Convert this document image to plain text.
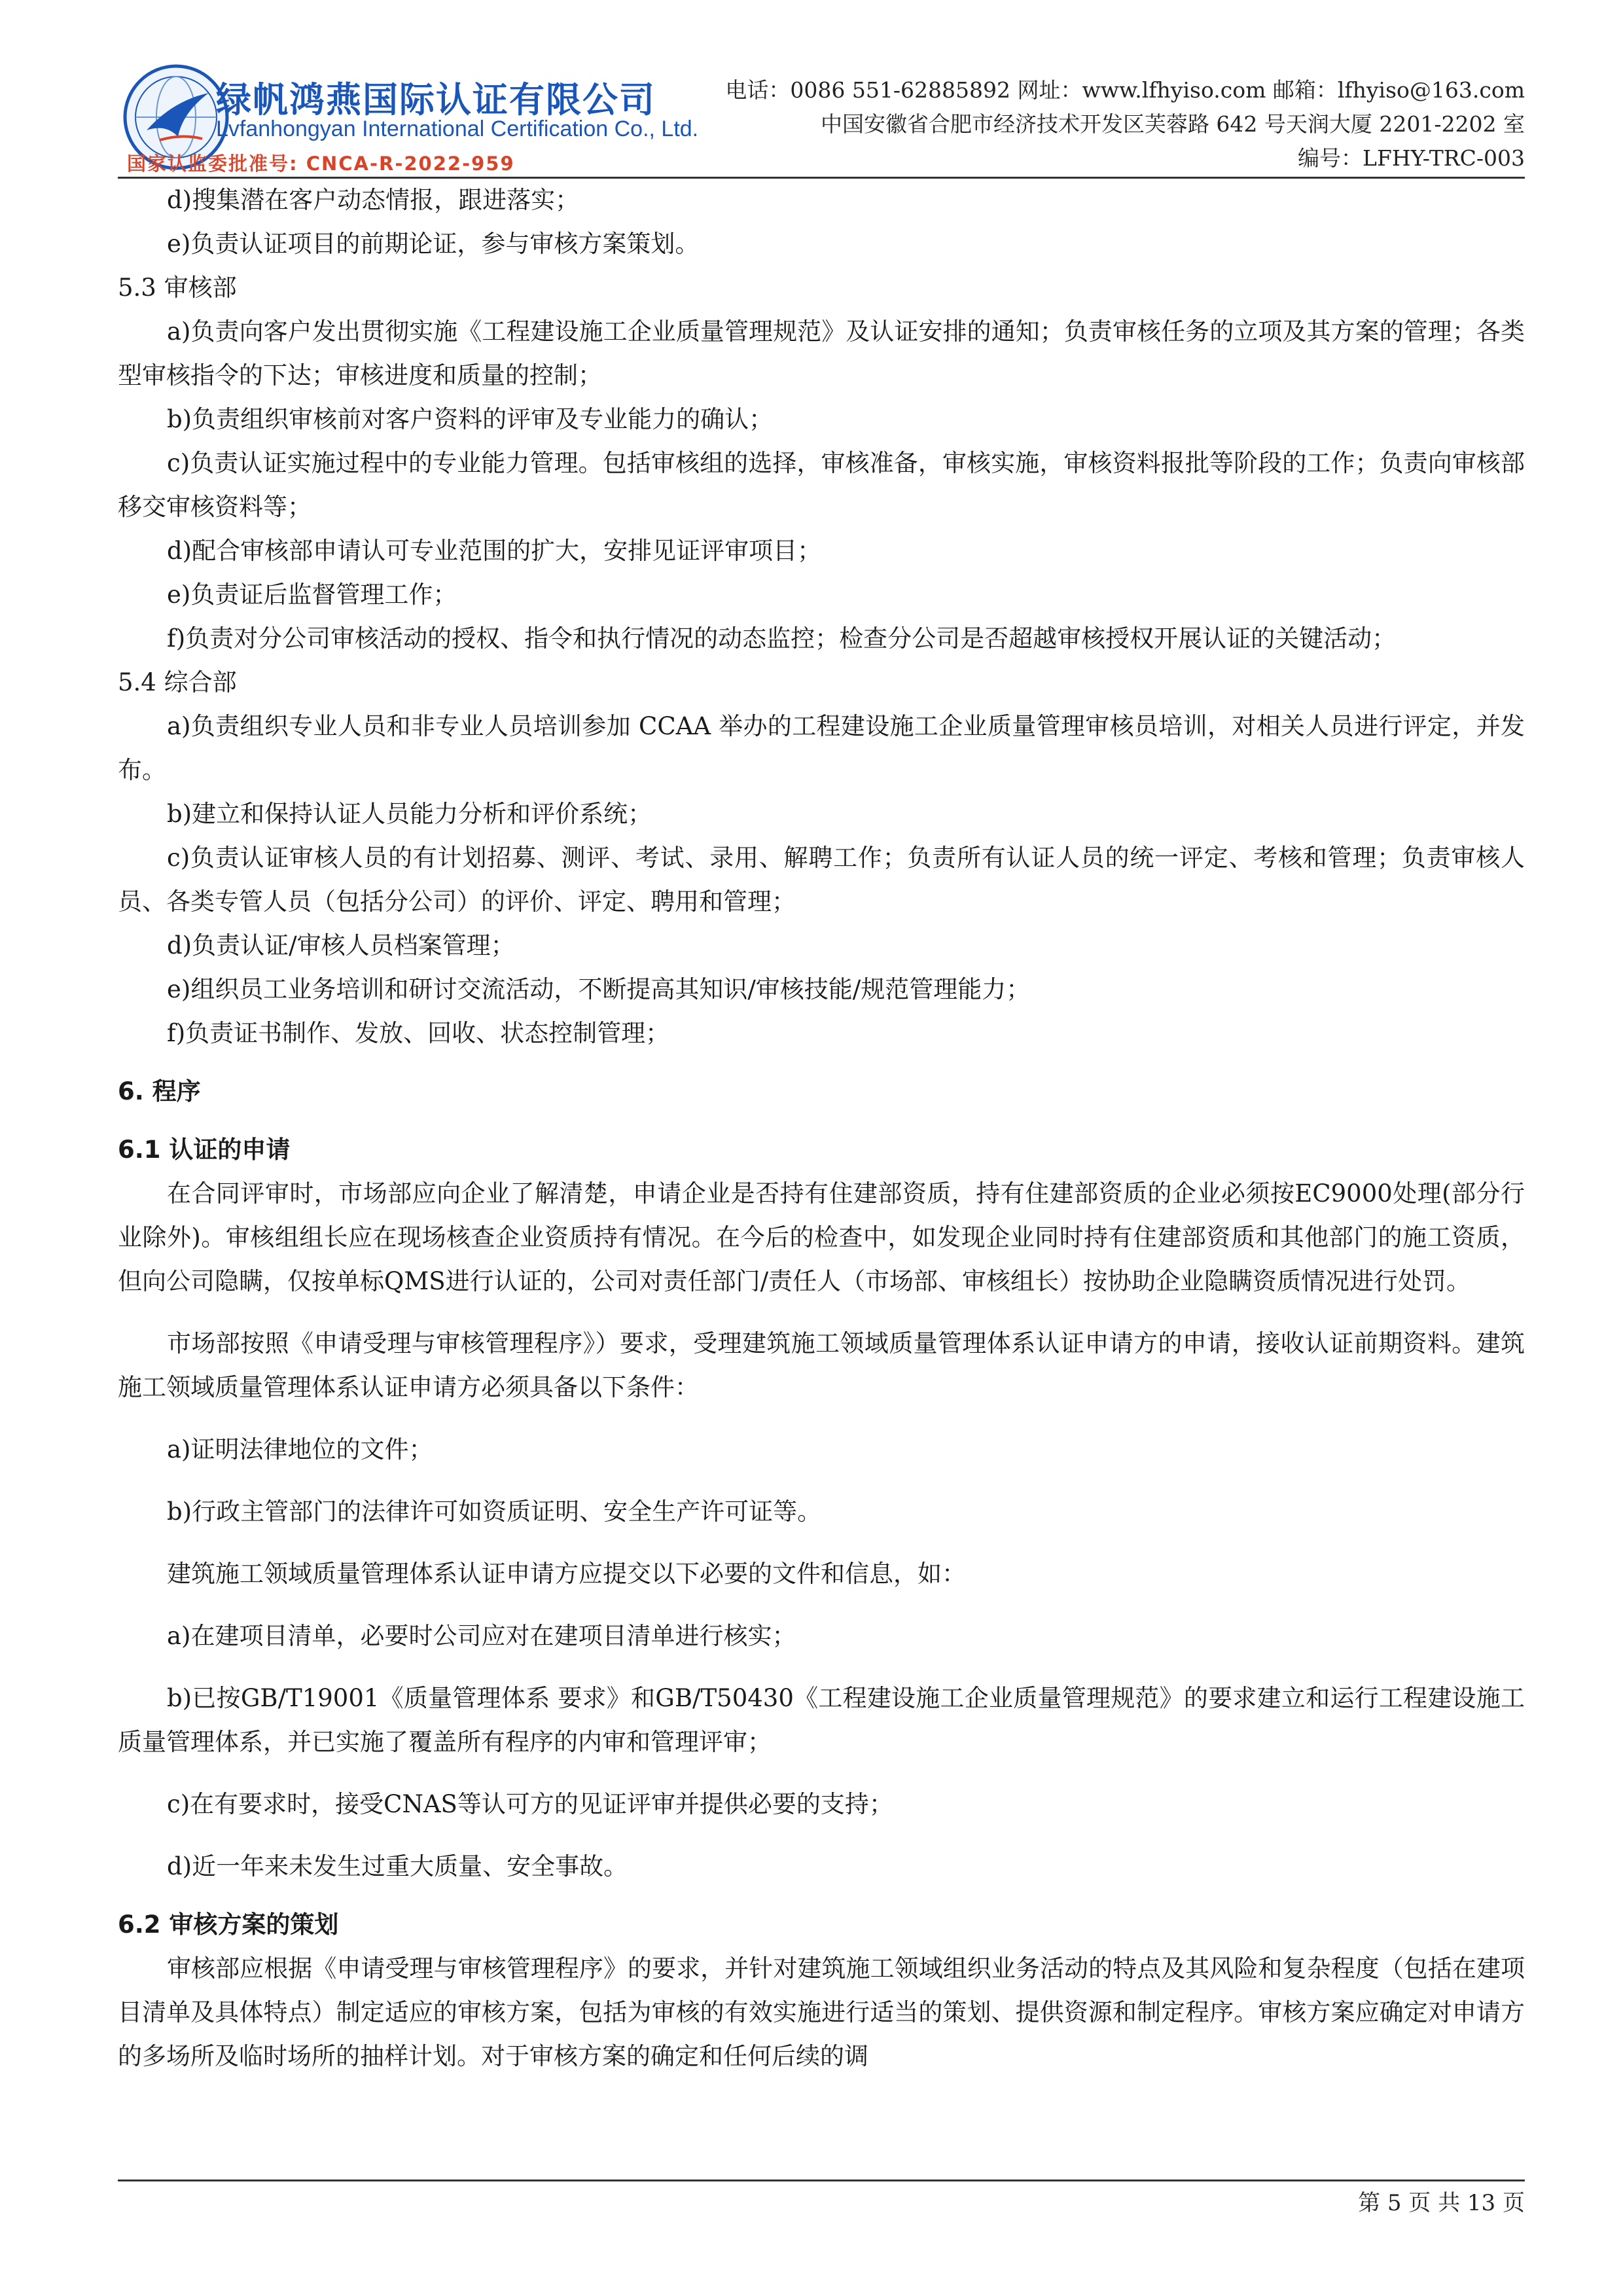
绿帆鸿燕国际认证有限公司
Lvfanhongyan International Certification Co., Ltd.
国家认监委批准号: CNCA-R-2022-959
电话：0086 551-62885892 网址：www.lfhyiso.com 邮箱：lfhyiso@163.com
中国安徽省合肥市经济技术开发区芙蓉路 642 号天润大厦 2201-2202 室
编号：LFHY-TRC-003

d)搜集潜在客户动态情报，跟进落实；

e)负责认证项目的前期论证，参与审核方案策划。

5.3 审核部

a)负责向客户发出贯彻实施《工程建设施工企业质量管理规范》及认证安排的通知；负责审核任务的立项及其方案的管理；各类型审核指令的下达；审核进度和质量的控制；

b)负责组织审核前对客户资料的评审及专业能力的确认；

c)负责认证实施过程中的专业能力管理。包括审核组的选择，审核准备，审核实施，审核资料报批等阶段的工作；负责向审核部移交审核资料等；

d)配合审核部申请认可专业范围的扩大，安排见证评审项目；

e)负责证后监督管理工作；

f)负责对分公司审核活动的授权、指令和执行情况的动态监控；检查分公司是否超越审核授权开展认证的关键活动；

5.4 综合部

a)负责组织专业人员和非专业人员培训参加 CCAA 举办的工程建设施工企业质量管理审核员培训，对相关人员进行评定，并发布。

b)建立和保持认证人员能力分析和评价系统；

c)负责认证审核人员的有计划招募、测评、考试、录用、解聘工作；负责所有认证人员的统一评定、考核和管理；负责审核人员、各类专管人员（包括分公司）的评价、评定、聘用和管理；

d)负责认证/审核人员档案管理；

e)组织员工业务培训和研讨交流活动，不断提高其知识/审核技能/规范管理能力；

f)负责证书制作、发放、回收、状态控制管理；

6. 程序

6.1 认证的申请

在合同评审时，市场部应向企业了解清楚，申请企业是否持有住建部资质，持有住建部资质的企业必须按EC9000处理(部分行业除外)。审核组组长应在现场核查企业资质持有情况。在今后的检查中，如发现企业同时持有住建部资质和其他部门的施工资质，但向公司隐瞒，仅按单标QMS进行认证的，公司对责任部门/责任人（市场部、审核组长）按协助企业隐瞒资质情况进行处罚。

市场部按照《申请受理与审核管理程序》）要求，受理建筑施工领域质量管理体系认证申请方的申请，接收认证前期资料。建筑施工领域质量管理体系认证申请方必须具备以下条件：

a)证明法律地位的文件；

b)行政主管部门的法律许可如资质证明、安全生产许可证等。

建筑施工领域质量管理体系认证申请方应提交以下必要的文件和信息，如：

a)在建项目清单，必要时公司应对在建项目清单进行核实；

b)已按GB/T19001《质量管理体系 要求》和GB/T50430《工程建设施工企业质量管理规范》的要求建立和运行工程建设施工质量管理体系，并已实施了覆盖所有程序的内审和管理评审；

c)在有要求时，接受CNAS等认可方的见证评审并提供必要的支持；

d)近一年来未发生过重大质量、安全事故。

6.2 审核方案的策划

审核部应根据《申请受理与审核管理程序》的要求，并针对建筑施工领域组织业务活动的特点及其风险和复杂程度（包括在建项目清单及具体特点）制定适应的审核方案，包括为审核的有效实施进行适当的策划、提供资源和制定程序。审核方案应确定对申请方的多场所及临时场所的抽样计划。对于审核方案的确定和任何后续的调

第 5 页 共 13 页
